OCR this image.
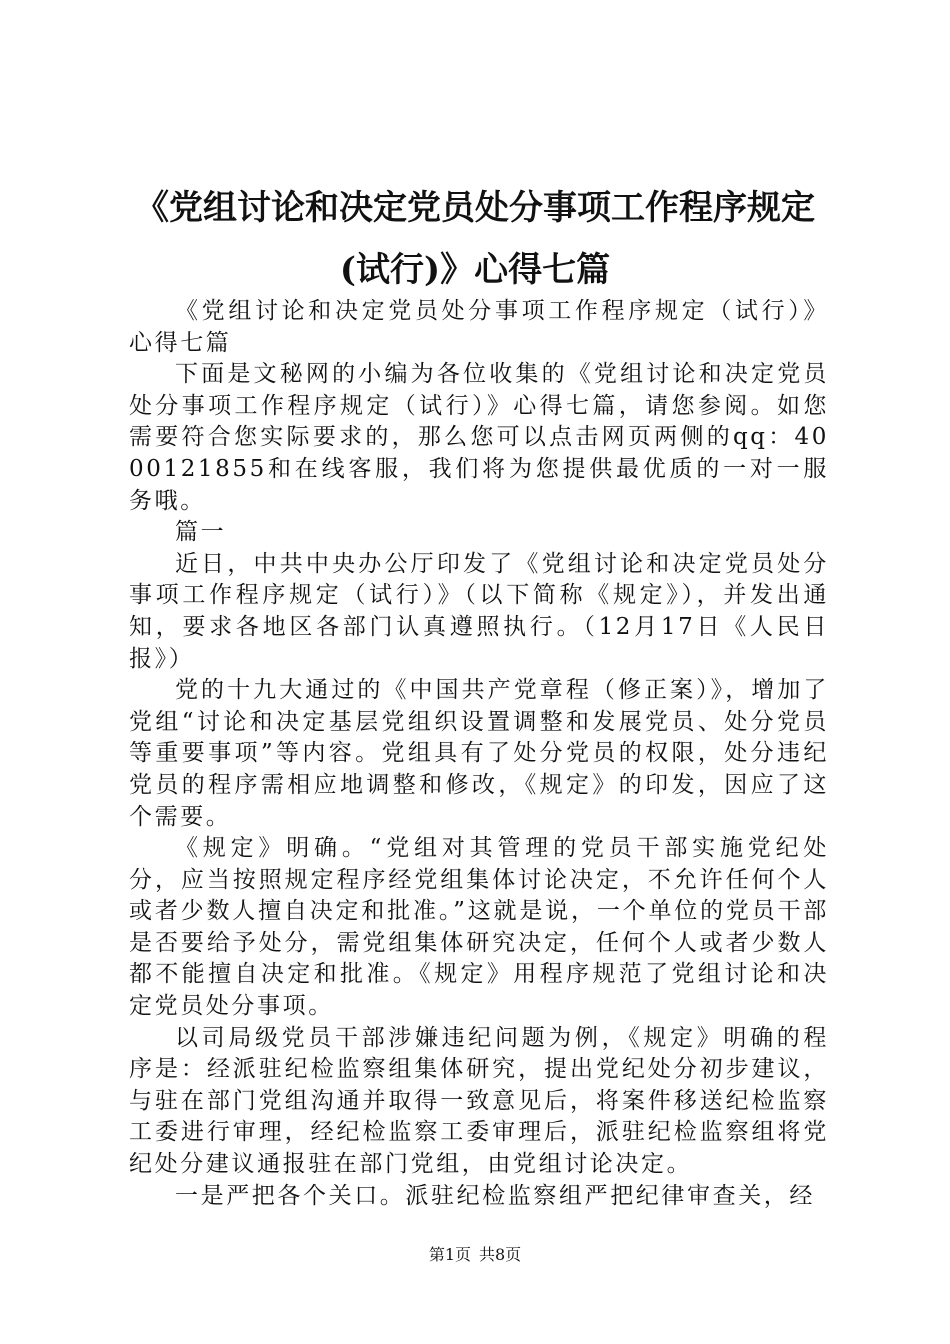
《党组讨论和决定党员处分事项工作程序规定
(试行)》心得七篇

《党组讨论和决定党员处分事项工作程序规定（试行）》心得七篇

下面是文秘网的小编为各位收集的《党组讨论和决定党员处分事项工作程序规定（试行）》心得七篇，请您参阅。如您需要符合您实际要求的，那么您可以点击网页两侧的qq：4000121855和在线客服，我们将为您提供最优质的一对一服务哦。

篇一

近日，中共中央办公厅印发了《党组讨论和决定党员处分事项工作程序规定（试行）》（以下简称《规定》），并发出通知，要求各地区各部门认真遵照执行。（12月17日《人民日报》）

党的十九大通过的《中国共产党章程（修正案）》，增加了党组“讨论和决定基层党组织设置调整和发展党员、处分党员等重要事项”等内容。党组具有了处分党员的权限，处分违纪党员的程序需相应地调整和修改，《规定》的印发，因应了这个需要。

《规定》明确。“党组对其管理的党员干部实施党纪处分，应当按照规定程序经党组集体讨论决定，不允许任何个人或者少数人擅自决定和批准。”这就是说，一个单位的党员干部是否要给予处分，需党组集体研究决定，任何个人或者少数人都不能擅自决定和批准。《规定》用程序规范了党组讨论和决定党员处分事项。

以司局级党员干部涉嫌违纪问题为例，《规定》明确的程序是：经派驻纪检监察组集体研究，提出党纪处分初步建议，与驻在部门党组沟通并取得一致意见后，将案件移送纪检监察工委进行审理，经纪检监察工委审理后，派驻纪检监察组将党纪处分建议通报驻在部门党组，由党组讨论决定。

一是严把各个关口。派驻纪检监察组严把纪律审查关，经

第1页 共8页
